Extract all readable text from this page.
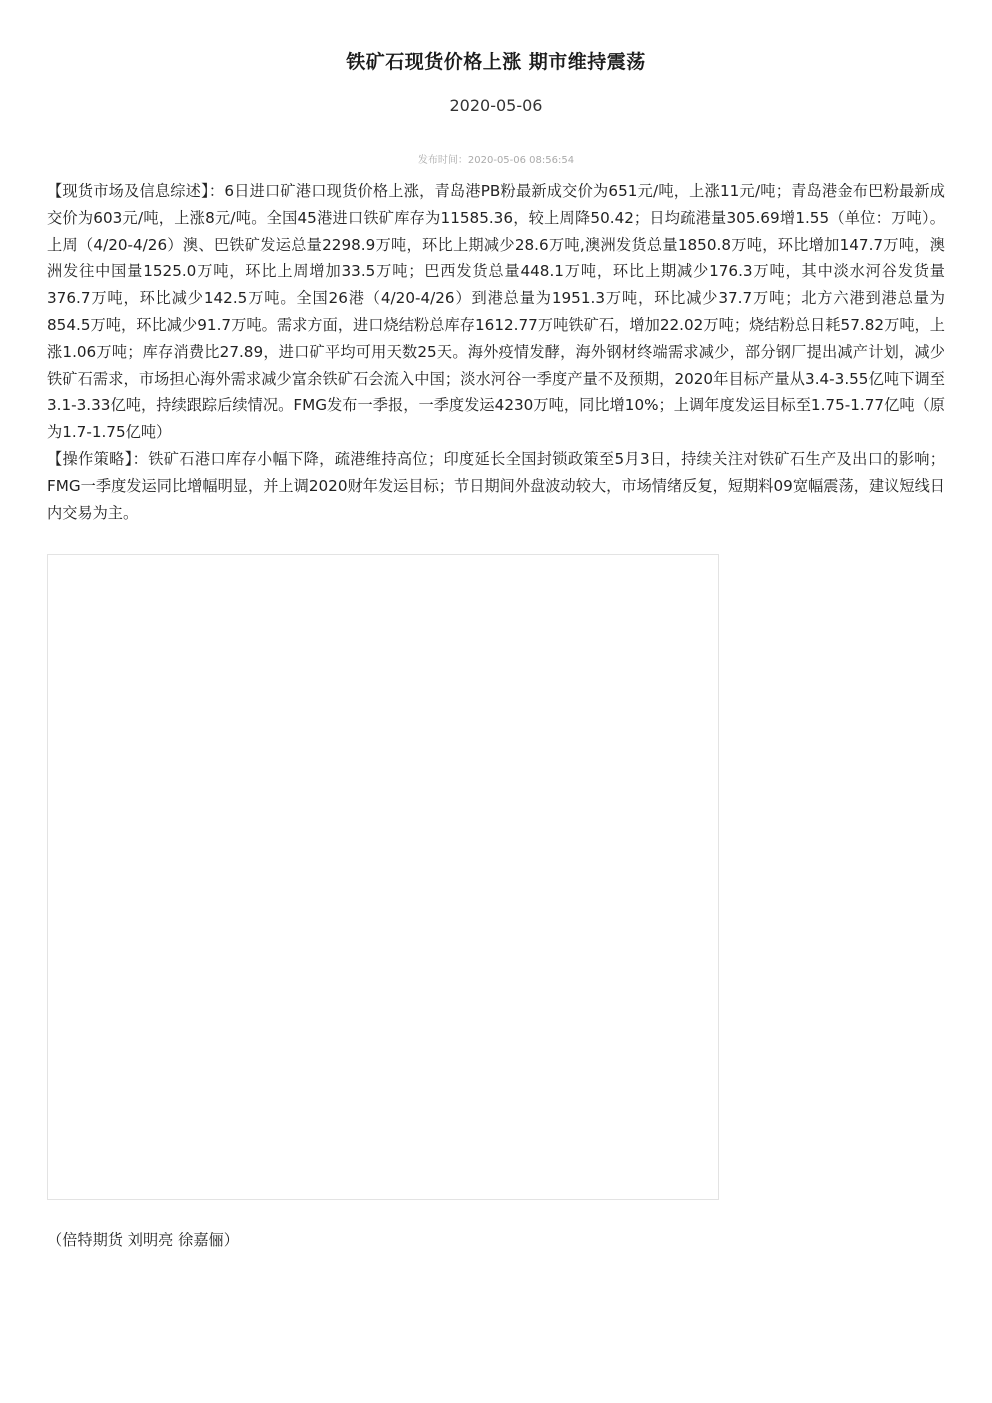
铁矿石现货价格上涨 期市维持震荡
2020-05-06
发布时间：2020-05-06 08:56:54

【现货市场及信息综述】：6日进口矿港口现货价格上涨，青岛港PB粉最新成交价为651元/吨，上涨11元/吨；青岛港金布巴粉最新成交价为603元/吨，上涨8元/吨。全国45港进口铁矿库存为11585.36，较上周降50.42；日均疏港量305.69增1.55（单位：万吨）。上周（4/20-4/26）澳、巴铁矿发运总量2298.9万吨，环比上期减少28.6万吨,澳洲发货总量1850.8万吨，环比增加147.7万吨，澳洲发往中国量1525.0万吨，环比上周增加33.5万吨；巴西发货总量448.1万吨，环比上期减少176.3万吨，其中淡水河谷发货量376.7万吨，环比减少142.5万吨。全国26港（4/20-4/26）到港总量为1951.3万吨，环比减少37.7万吨；北方六港到港总量为854.5万吨，环比减少91.7万吨。需求方面，进口烧结粉总库存1612.77万吨铁矿石，增加22.02万吨；烧结粉总日耗57.82万吨，上涨1.06万吨；库存消费比27.89，进口矿平均可用天数25天。海外疫情发酵，海外钢材终端需求减少，部分钢厂提出减产计划，减少铁矿石需求，市场担心海外需求减少富余铁矿石会流入中国；淡水河谷一季度产量不及预期，2020年目标产量从3.4-3.55亿吨下调至3.1-3.33亿吨，持续跟踪后续情况。FMG发布一季报，一季度发运4230万吨，同比增10%；上调年度发运目标至1.75-1.77亿吨（原为1.7-1.75亿吨）

【操作策略】：铁矿石港口库存小幅下降，疏港维持高位；印度延长全国封锁政策至5月3日，持续关注对铁矿石生产及出口的影响；FMG一季度发运同比增幅明显，并上调2020财年发运目标；节日期间外盘波动较大，市场情绪反复，短期料09宽幅震荡，建议短线日内交易为主。

（倍特期货 刘明亮 徐嘉俪）
